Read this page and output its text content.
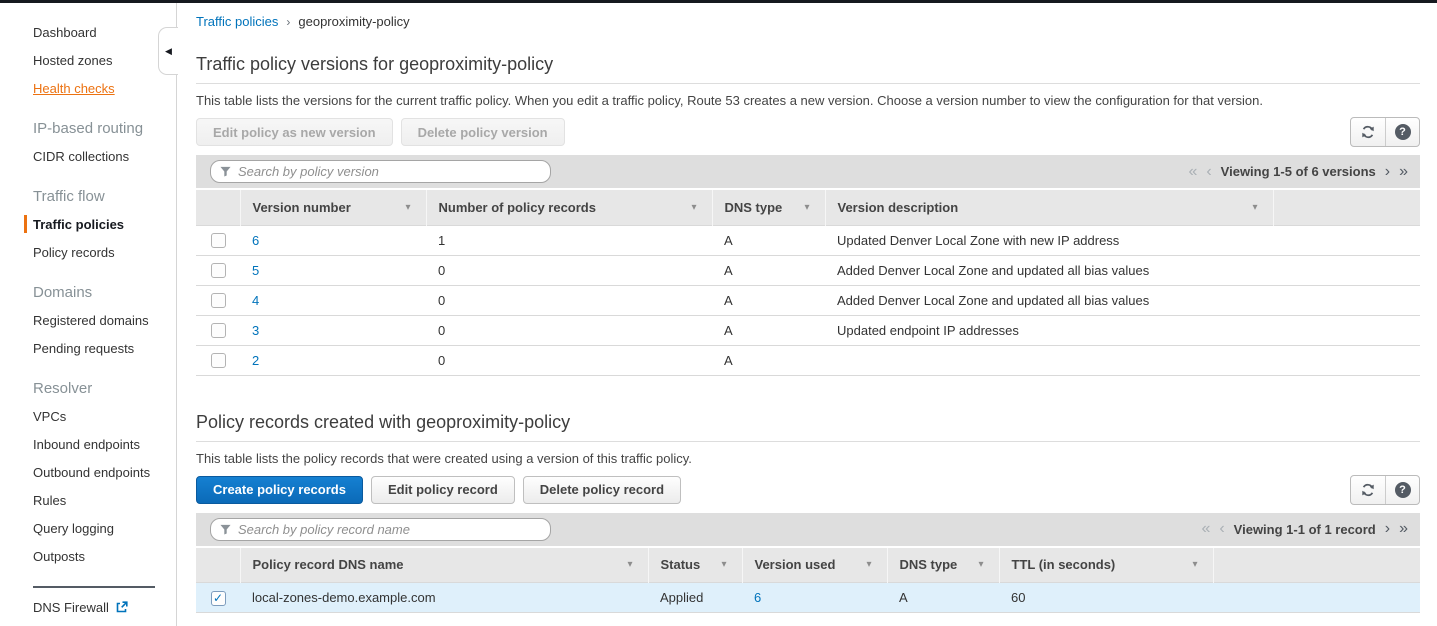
Dashboard
Hosted zones
Health checks
IP-based routing
CIDR collections
Traffic flow
Traffic policies
Policy records
Domains
Registered domains
Pending requests
Resolver
VPCs
Inbound endpoints
Outbound endpoints
Rules
Query logging
Outposts
DNS Firewall
◀
Traffic policies › geoproximity-policy
Traffic policy versions for geoproximity-policy
This table lists the versions for the current traffic policy. When you edit a traffic policy, Route 53 creates a new version. Choose a version number to view the configuration for that version.
Edit policy as new version	Delete policy version	?
Search by policy version
« ‹ Viewing 1-5 of 6 versions › »

	Version number ▾	Number of policy records ▾	DNS type ▾	Version description ▾	

	6	1	A	Updated Denver Local Zone with new IP address	
	5	0	A	Added Denver Local Zone and updated all bias values	
	4	0	A	Added Denver Local Zone and updated all bias values	
	3	0	A	Updated endpoint IP addresses	
	2	0	A		
Policy records created with geoproximity-policy
This table lists the policy records that were created using a version of this traffic policy.
Create policy records	Edit policy record	Delete policy record	?
Search by policy record name
« ‹ Viewing 1-1 of 1 record › »

	Policy record DNS name ▾	Status ▾	Version used ▾	DNS type ▾	TTL (in seconds) ▾	

✓	local-zones-demo.example.com	Applied	6	A	60	
